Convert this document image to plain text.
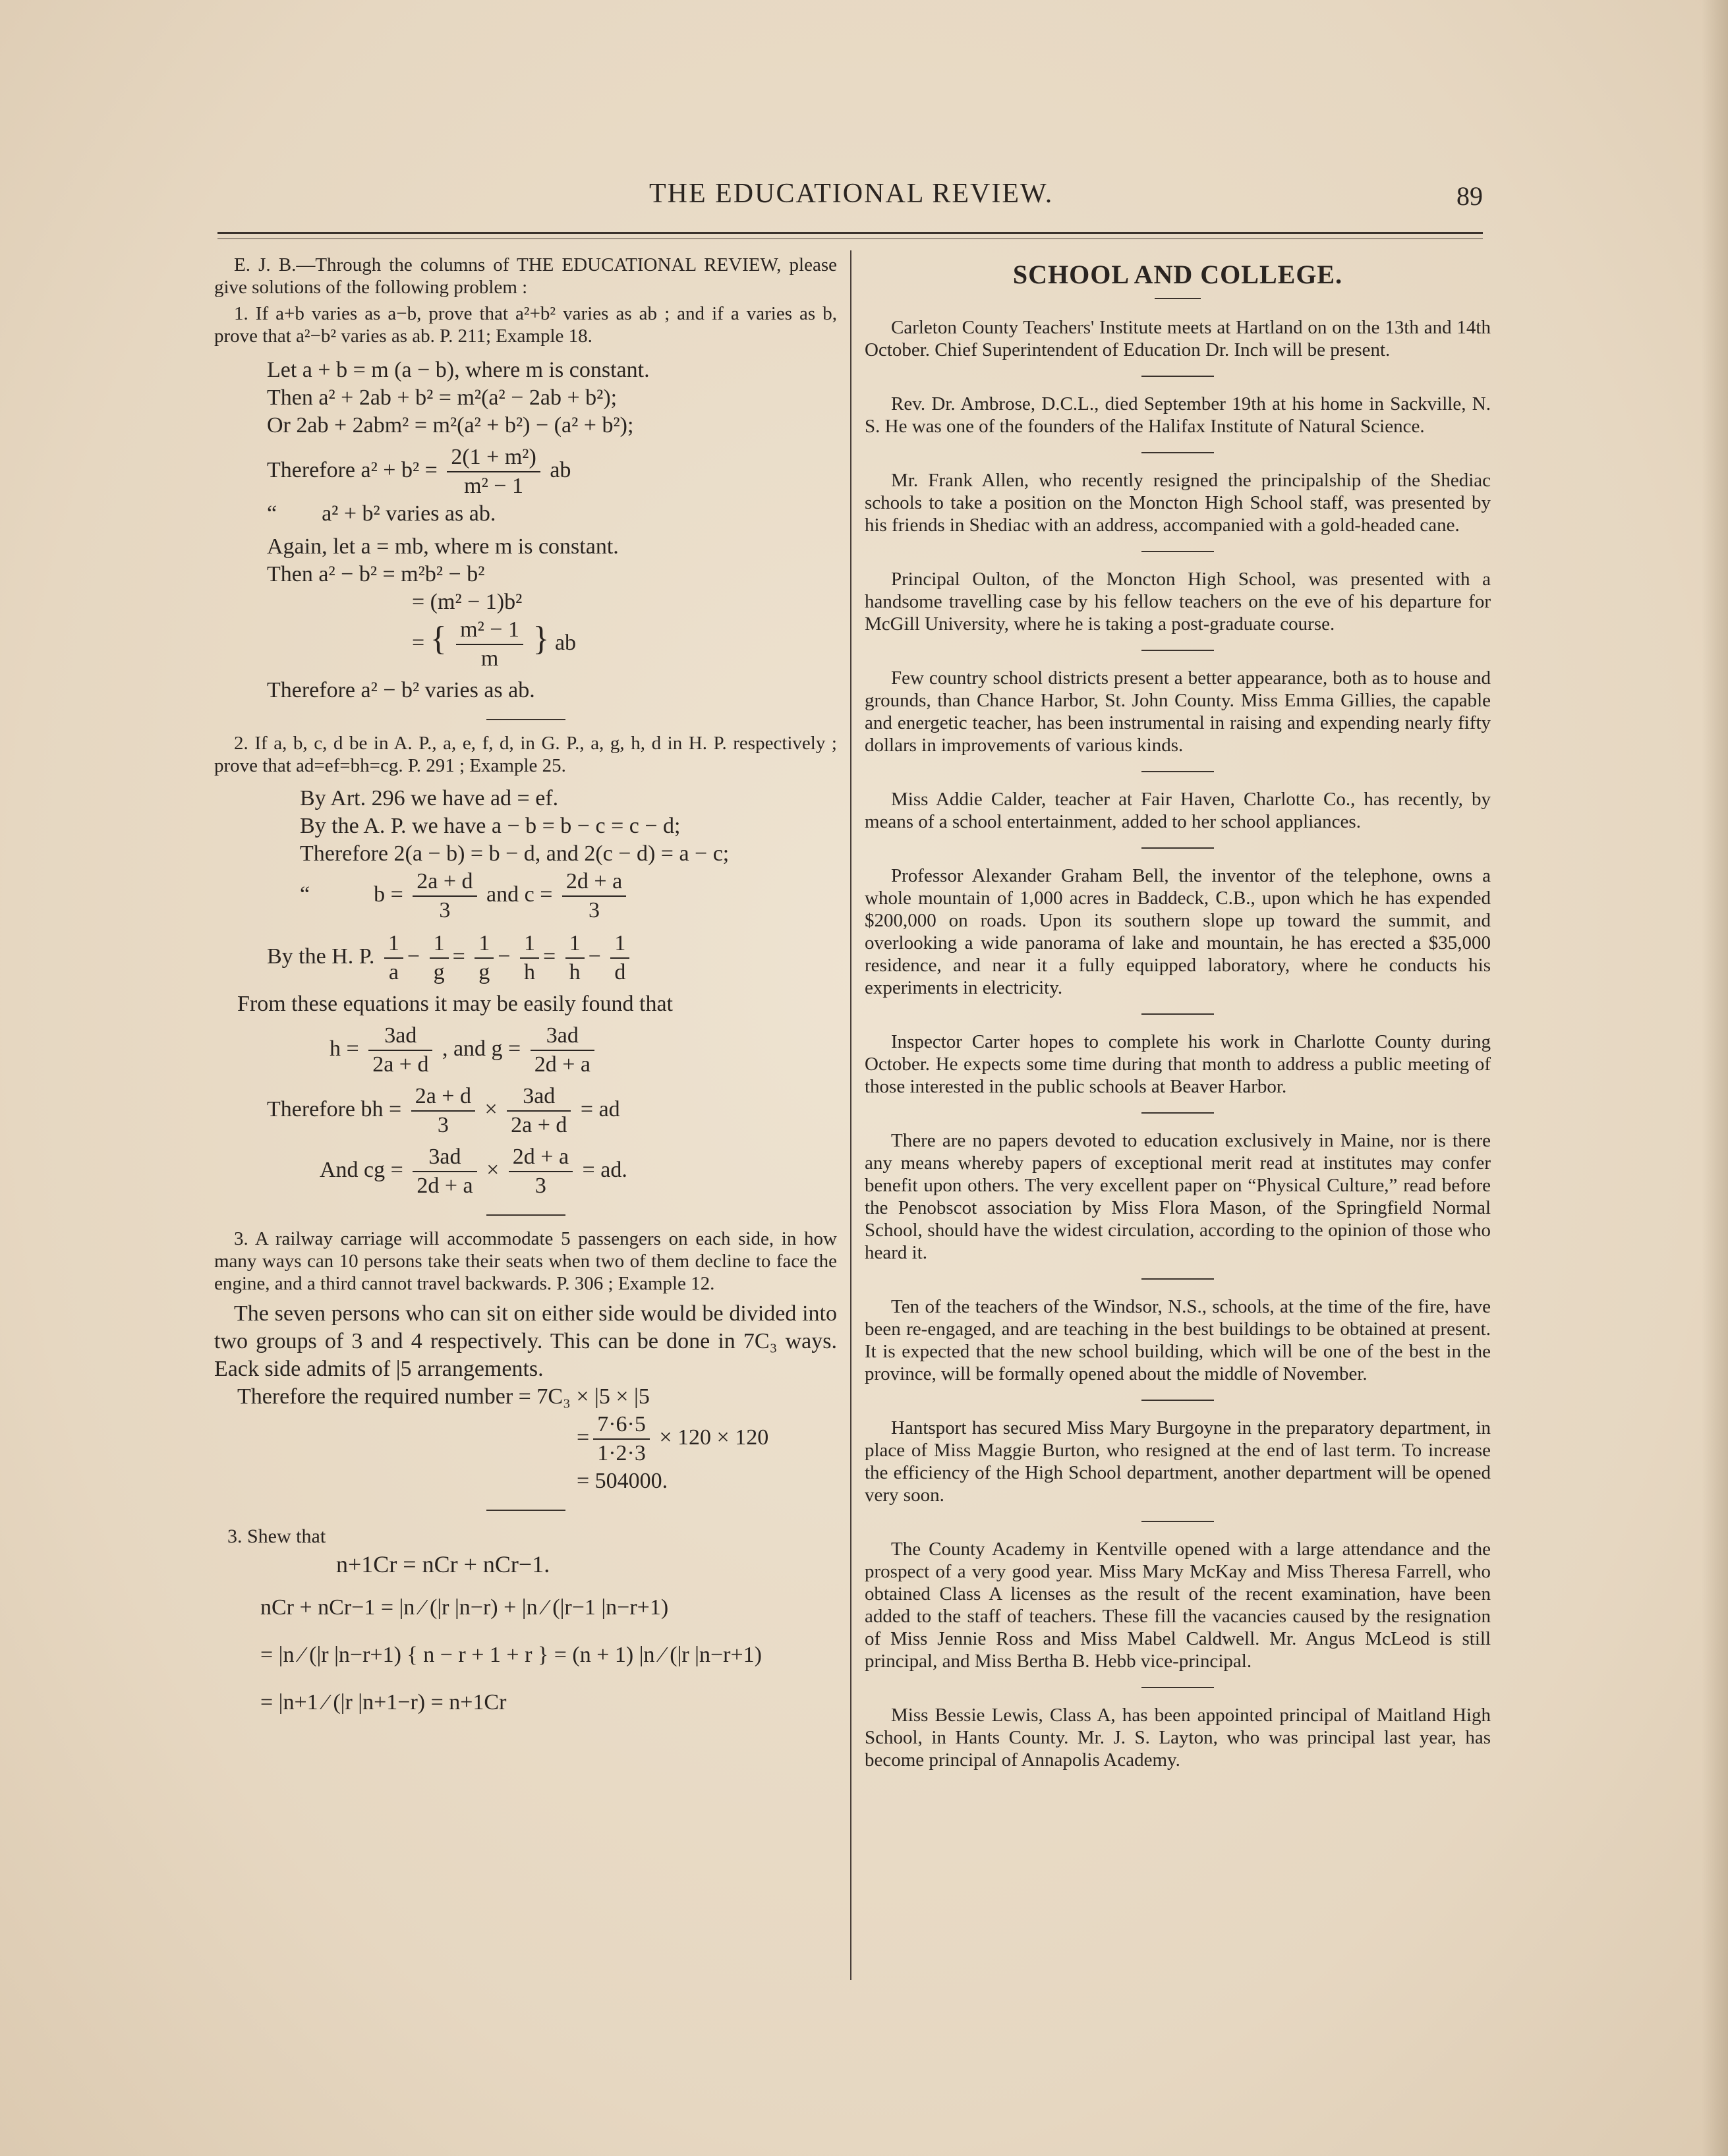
THE EDUCATIONAL REVIEW.	89

E. J. B.—Through the columns of THE EDUCATIONAL REVIEW, please give solutions of the following problem :

1. If a+b varies as a−b, prove that a²+b² varies as ab ; and if a varies as b, prove that a²−b² varies as ab. P. 211; Example 18.

Let a + b = m (a − b), where m is constant.
Then a² + 2ab + b² = m²(a² − 2ab + b²);
Or 2ab + 2abm² = m²(a² + b²) − (a² + b²);
Therefore $a^2 + b^2 = \frac{\text{2(1 + m²)}}{\text{m² − 1}}$ ab
“        a² + b² varies as ab.
Again, let a = mb, where m is constant.
Then a² − b² = m²b² − b²
= (m² − 1)b²
= { $\frac{\text{m² − 1}}{m}$ } ab
Therefore a² − b² varies as ab.

2. If a, b, c, d be in A. P., a, e, f, d, in G. P., a, g, h, d in H. P. respectively ; prove that ad=ef=bh=cg. P. 291 ; Example 25.

By Art. 296 we have ad = ef.
By the A. P. we have a − b = b − c = c − d;
Therefore 2(a − b) = b − d, and 2(c − d) = a − c;
“	$b = \frac{2a + d}{3}$ and $c = \frac{2d + a}{3}$
By the H. P. $\frac{1}{a} - \frac{1}{g} = \frac{1}{g} - \frac{1}{h} = \frac{1}{h} - \frac{1}{d}$
From these equations it may be easily found that
$h = \frac{3ad}{2a + d}$ , and $g = \frac{3ad}{2d + a}$
Therefore bh = $\frac{2a + d}{3} \times \frac{3ad}{2a + d}$ = ad
And cg = $\frac{3ad}{2d + a} \times \frac{2d + a}{3}$ = ad.

3. A railway carriage will accommodate 5 passengers on each side, in how many ways can 10 persons take their seats when two of them decline to face the engine, and a third cannot travel backwards. P. 306 ; Example 12.

The seven persons who can sit on either side would be divided into two groups of 3 and 4 respectively. This can be done in 7C₃ ways. Eack side admits of |5 arrangements.

Therefore the required number = 7C₃ × |5 × |5
= $\frac{7\cdot 6\cdot 5}{1\cdot 2\cdot 3} \times 120 \times 120$
= 504000.
3. Shew that
n+1Cr = nCr + nCr−1.
nCr + nCr−1 = |n ⁄ (|r |n−r) + |n ⁄ (|r−1 |n−r+1)
= |n ⁄ (|r |n−r+1) { n − r + 1 + r } = (n + 1) |n ⁄ (|r |n−r+1)
= |n+1 ⁄ (|r |n+1−r) = n+1Cr
SCHOOL AND COLLEGE.

Carleton County Teachers' Institute meets at Hartland on on the 13th and 14th October. Chief Superintendent of Education Dr. Inch will be present.

Rev. Dr. Ambrose, D.C.L., died September 19th at his home in Sackville, N. S. He was one of the founders of the Halifax Institute of Natural Science.

Mr. Frank Allen, who recently resigned the principalship of the Shediac schools to take a position on the Moncton High School staff, was presented by his friends in Shediac with an address, accompanied with a gold-headed cane.

Principal Oulton, of the Moncton High School, was presented with a handsome travelling case by his fellow teachers on the eve of his departure for McGill University, where he is taking a post-graduate course.

Few country school districts present a better appearance, both as to house and grounds, than Chance Harbor, St. John County. Miss Emma Gillies, the capable and energetic teacher, has been instrumental in raising and expending nearly fifty dollars in improvements of various kinds.

Miss Addie Calder, teacher at Fair Haven, Charlotte Co., has recently, by means of a school entertainment, added to her school appliances.

Professor Alexander Graham Bell, the inventor of the telephone, owns a whole mountain of 1,000 acres in Baddeck, C.B., upon which he has expended $200,000 on roads. Upon its southern slope up toward the summit, and overlooking a wide panorama of lake and mountain, he has erected a $35,000 residence, and near it a fully equipped laboratory, where he conducts his experiments in electricity.

Inspector Carter hopes to complete his work in Charlotte County during October. He expects some time during that month to address a public meeting of those interested in the public schools at Beaver Harbor.

There are no papers devoted to education exclusively in Maine, nor is there any means whereby papers of exceptional merit read at institutes may confer benefit upon others. The very excellent paper on “Physical Culture,” read before the Penobscot association by Miss Flora Mason, of the Springfield Normal School, should have the widest circulation, according to the opinion of those who heard it.

Ten of the teachers of the Windsor, N.S., schools, at the time of the fire, have been re-engaged, and are teaching in the best buildings to be obtained at present. It is expected that the new school building, which will be one of the best in the province, will be formally opened about the middle of November.

Hantsport has secured Miss Mary Burgoyne in the preparatory department, in place of Miss Maggie Burton, who resigned at the end of last term. To increase the efficiency of the High School department, another department will be opened very soon.

The County Academy in Kentville opened with a large attendance and the prospect of a very good year. Miss Mary McKay and Miss Theresa Farrell, who obtained Class A licenses as the result of the recent examination, have been added to the staff of teachers. These fill the vacancies caused by the resignation of Miss Jennie Ross and Miss Mabel Caldwell. Mr. Angus McLeod is still principal, and Miss Bertha B. Hebb vice-principal.

Miss Bessie Lewis, Class A, has been appointed principal of Maitland High School, in Hants County. Mr. J. S. Layton, who was principal last year, has become principal of Annapolis Academy.
